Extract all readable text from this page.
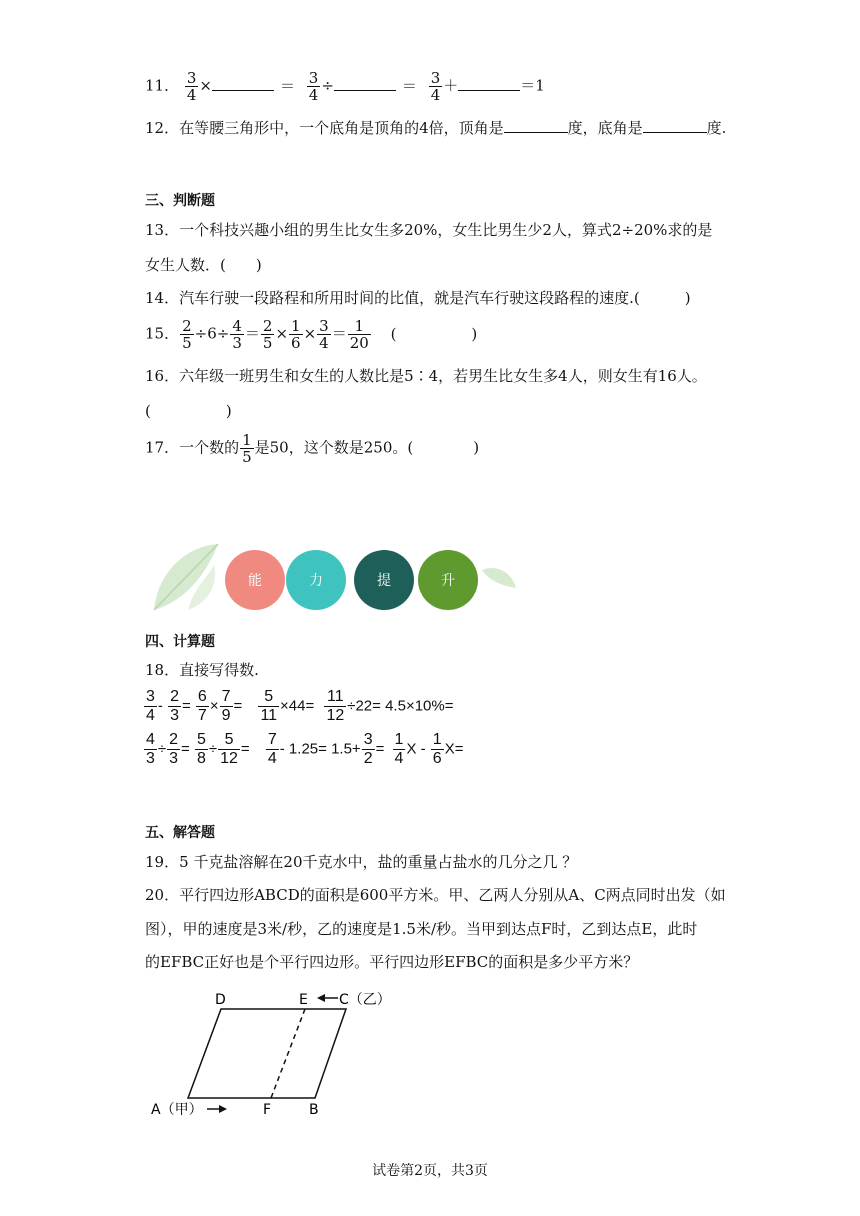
11． $\frac{3}{4}$ ×	＝ $\frac{3}{4}$ ÷	＝ $\frac{3}{4}$ ＋	＝1
12．在等腰三角形中，一个底角是顶角的4倍，顶角是	度，底角是	度.
三、判断题
13．一个科技兴趣小组的男生比女生多20%，女生比男生少2人，算式2÷20%求的是
女生人数．(　　)
14．汽车行驶一段路程和所用时间的比值，就是汽车行驶这段路程的速度.(　　　)
15． $\frac{2}{5} \div 6\div \frac{4}{3} = \frac{2}{5} \times \frac{1}{6} \times \frac{3}{4} = \frac{1}{20}$ (　　　　　)
16．六年级一班男生和女生的人数比是5∶4，若男生比女生多4人，则女生有16人。
(　　　　　)
17．一个数的 $\frac{1}{5}$ 是50，这个数是250。(　　　　)
能	力	提	升
四、计算题
18．直接写得数.
$\frac{3}{4} - \frac{2}{3} = \frac{6}{7} \times \frac{7}{9} = \frac{5}{11} \times 44= \frac{11}{12} \div 22= 4.5\times 10\%=$
$\frac{4}{3} \div \frac{2}{3} = \frac{5}{8} \div \frac{5}{12} = \frac{7}{4} - 1.25= 1.5+ \frac{3}{2} = \frac{1}{4}$ $X - \frac{1}{6} X=$
五、解答题
19．5 千克盐溶解在20千克水中，盐的重量占盐水的几分之几 ？
20．平行四边形ABCD的面积是600平方米。甲、乙两人分别从A、C两点同时出发（如
图），甲的速度是3米/秒，乙的速度是1.5米/秒。当甲到达点F时，乙到达点E，此时
的EFBC正好也是个平行四边形。平行四边形EFBC的面积是多少平方米？
D	E C（乙）
A（甲）	F	B
试卷第2页，共3页
